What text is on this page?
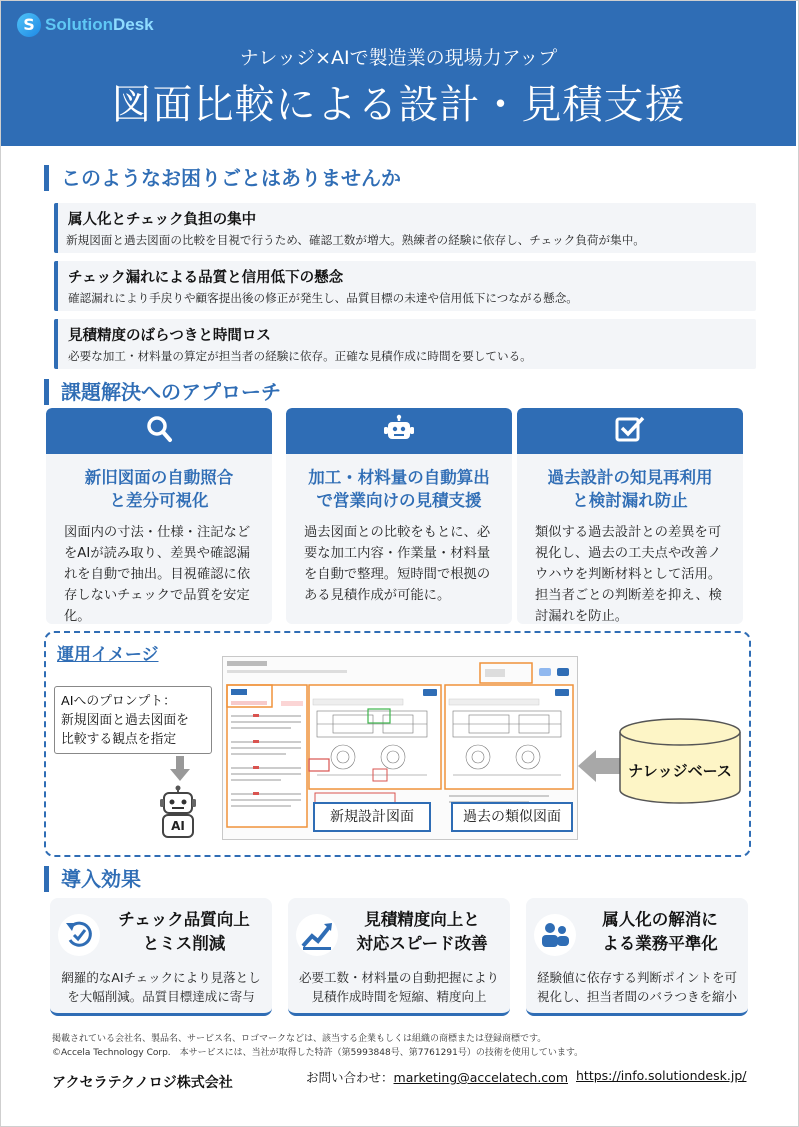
S SolutionDesk
ナレッジ×AIで製造業の現場力アップ
図面比較による設計・見積支援
このようなお困りごとはありませんか
属人化とチェック負担の集中
新規図面と過去図面の比較を目視で行うため、確認工数が増大。熟練者の経験に依存し、チェック負荷が集中。
チェック漏れによる品質と信用低下の懸念
確認漏れにより手戻りや顧客提出後の修正が発生し、品質目標の未達や信用低下につながる懸念。
見積精度のばらつきと時間ロス
必要な加工・材料量の算定が担当者の経験に依存。正確な見積作成に時間を要している。
課題解決へのアプローチ
新旧図面の自動照合
と差分可視化
図面内の寸法・仕様・注記などをAIが読み取り、差異や確認漏れを自動で抽出。目視確認に依存しないチェックで品質を安定化。
加工・材料量の自動算出
で営業向けの見積支援
過去図面との比較をもとに、必要な加工内容・作業量・材料量を自動で整理。短時間で根拠のある見積作成が可能に。
過去設計の知見再利用
と検討漏れ防止
類似する過去設計との差異を可視化し、過去の工夫点や改善ノウハウを判断材料として活用。担当者ごとの判断差を抑え、検討漏れを防止。
運用イメージ
AIへのプロンプト：
新規図面と過去図面を
比較する観点を指定
AI
新規設計図面	過去の類似図面
ナレッジベース
導入効果
チェック品質向上
とミス削減
網羅的なAIチェックにより見落とし
を大幅削減。品質目標達成に寄与
見積精度向上と
対応スピード改善
必要工数・材料量の自動把握により
見積作成時間を短縮、精度向上
属人化の解消に
よる業務平準化
経験値に依存する判断ポイントを可
視化し、担当者間のバラつきを縮小
掲載されている会社名、製品名、サービス名、ロゴマークなどは、該当する企業もしくは組織の商標または登録商標です。
©Accela Technology Corp.　本サービスには、当社が取得した特許（第5993848号、第7761291号）の技術を使用しています。
アクセラテクノロジ株式会社	お問い合わせ：marketing@accelatech.com https://info.solutiondesk.jp/
